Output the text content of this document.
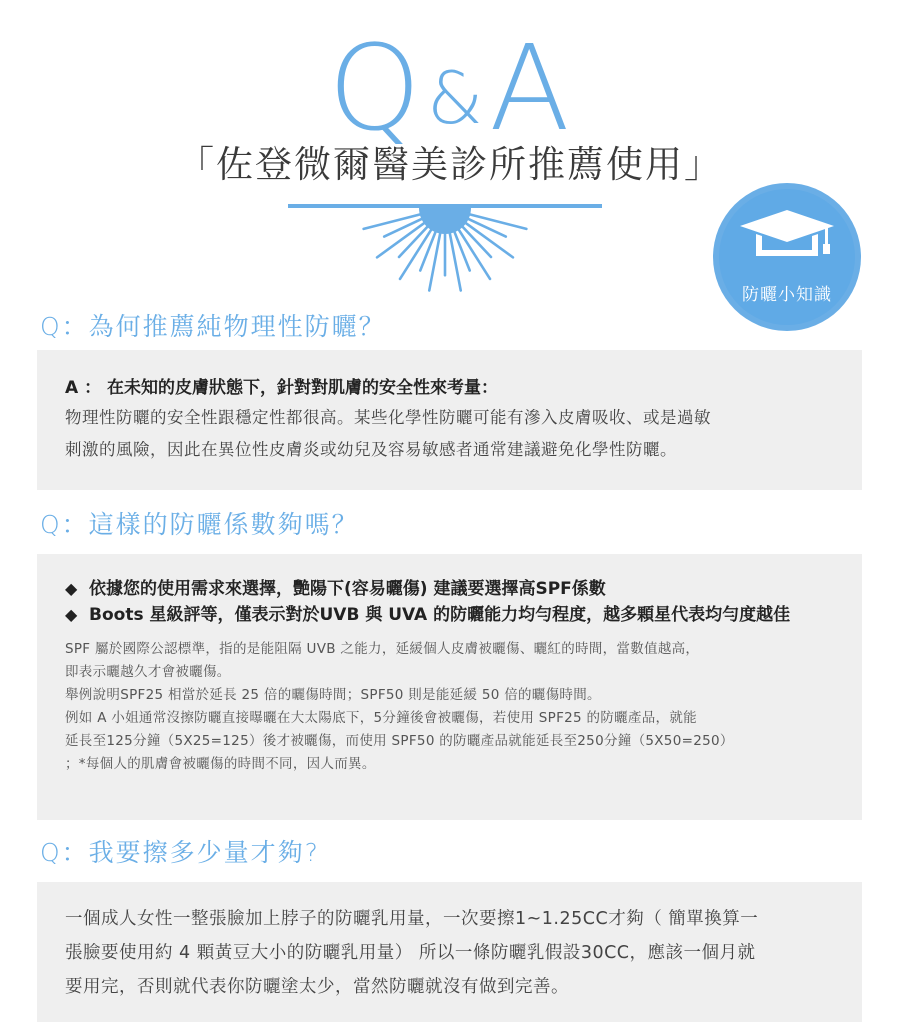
Q&A
「佐登微爾醫美診所推薦使用」
防曬小知識
Q：為何推薦純物理性防曬？
A ： 在未知的皮膚狀態下，針對對肌膚的安全性來考量：
物理性防曬的安全性跟穩定性都很高。某些化學性防曬可能有滲入皮膚吸收、或是過敏
刺激的風險，因此在異位性皮膚炎或幼兒及容易敏感者通常建議避免化學性防曬。
Q：這樣的防曬係數夠嗎？
◆ 依據您的使用需求來選擇，艷陽下(容易曬傷) 建議要選擇高SPF係數
◆ Boots 星級評等，僅表示對於UVB 與 UVA 的防曬能力均勻程度，越多顆星代表均勻度越佳
SPF 屬於國際公認標準，指的是能阻隔 UVB 之能力，延緩個人皮膚被曬傷、曬紅的時間，當數值越高，
即表示曬越久才會被曬傷。
舉例說明SPF25 相當於延長 25 倍的曬傷時間；SPF50 則是能延緩 50 倍的曬傷時間。
例如 A 小姐通常沒擦防曬直接曝曬在大太陽底下，5分鐘後會被曬傷，若使用 SPF25 的防曬產品，就能
延長至125分鐘（5X25=125）後才被曬傷，而使用 SPF50 的防曬產品就能延長至250分鐘（5X50=250）
；*每個人的肌膚會被曬傷的時間不同，因人而異。
Q：我要擦多少量才夠?
一個成人女性一整張臉加上脖子的防曬乳用量，一次要擦1~1.25CC才夠（ 簡單換算一
張臉要使用約 4 顆黃豆大小的防曬乳用量） 所以一條防曬乳假設30CC，應該一個月就
要用完，否則就代表你防曬塗太少，當然防曬就沒有做到完善。
